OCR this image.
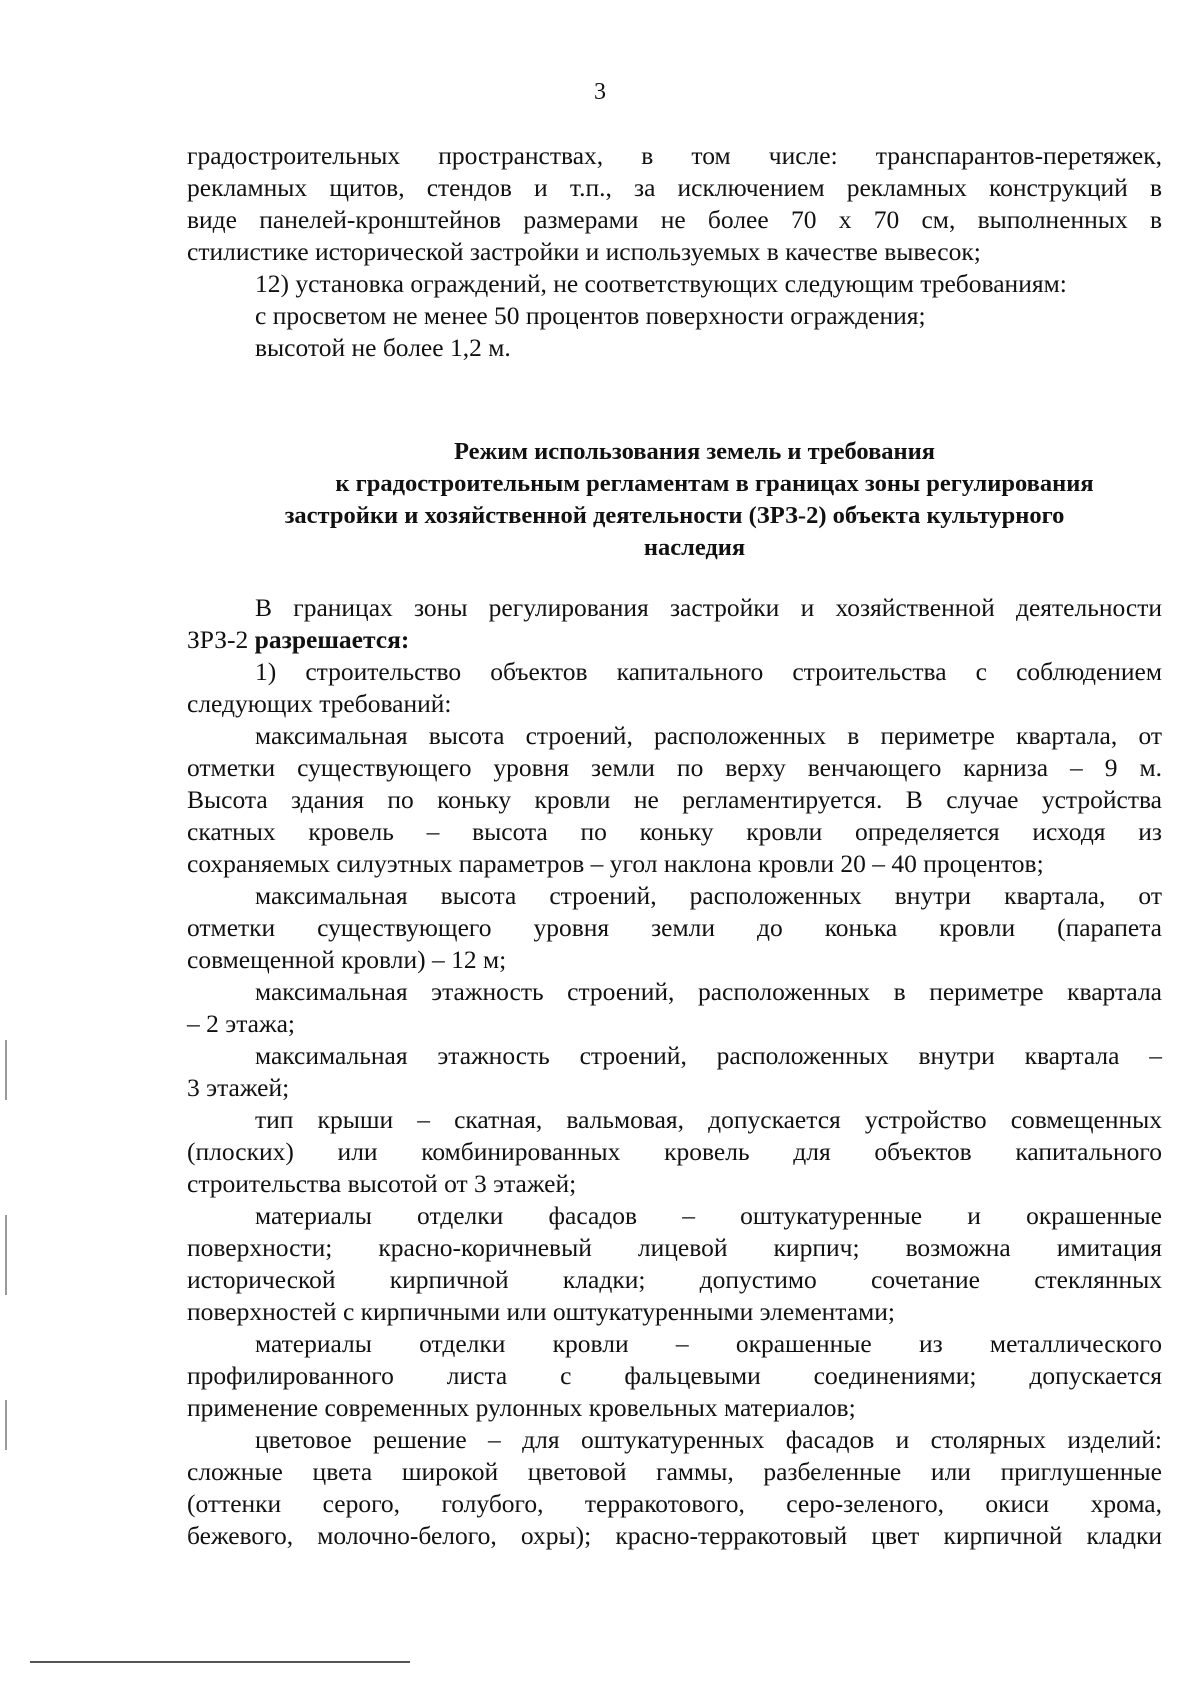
3
градостроительных пространствах, в том числе: транспарантов-перетяжек,
рекламных щитов, стендов и т.п., за исключением рекламных конструкций в
виде панелей-кронштейнов размерами не более 70 х 70 см, выполненных в
стилистике исторической застройки и используемых в качестве вывесок;
12) установка ограждений, не соответствующих следующим требованиям:
с просветом не менее 50 процентов поверхности ограждения;
высотой не более 1,2 м.
Режим использования земель и требования
к градостроительным регламентам в границах зоны регулирования
застройки и хозяйственной деятельности (ЗРЗ-2) объекта культурного
наследия
В границах зоны регулирования застройки и хозяйственной деятельности
ЗРЗ-2 разрешается:
1) строительство объектов капитального строительства с соблюдением
следующих требований:
максимальная высота строений, расположенных в периметре квартала, от
отметки существующего уровня земли по верху венчающего карниза – 9 м.
Высота здания по коньку кровли не регламентируется. В случае устройства
скатных кровель – высота по коньку кровли определяется исходя из
сохраняемых силуэтных параметров – угол наклона кровли 20 – 40 процентов;
максимальная высота строений, расположенных внутри квартала, от
отметки существующего уровня земли до конька кровли (парапета
совмещенной кровли) – 12 м;
максимальная этажность строений, расположенных в периметре квартала
– 2 этажа;
максимальная этажность строений, расположенных внутри квартала –
3 этажей;
тип крыши – скатная, вальмовая, допускается устройство совмещенных
(плоских) или комбинированных кровель для объектов капитального
строительства высотой от 3 этажей;
материалы отделки фасадов – оштукатуренные и окрашенные
поверхности; красно-коричневый лицевой кирпич; возможна имитация
исторической кирпичной кладки; допустимо сочетание стеклянных
поверхностей с кирпичными или оштукатуренными элементами;
материалы отделки кровли – окрашенные из металлического
профилированного листа с фальцевыми соединениями; допускается
применение современных рулонных кровельных материалов;
цветовое решение – для оштукатуренных фасадов и столярных изделий:
сложные цвета широкой цветовой гаммы, разбеленные или приглушенные
(оттенки серого, голубого, терракотового, серо-зеленого, окиси хрома,
бежевого, молочно-белого, охры); красно-терракотовый цвет кирпичной кладки
